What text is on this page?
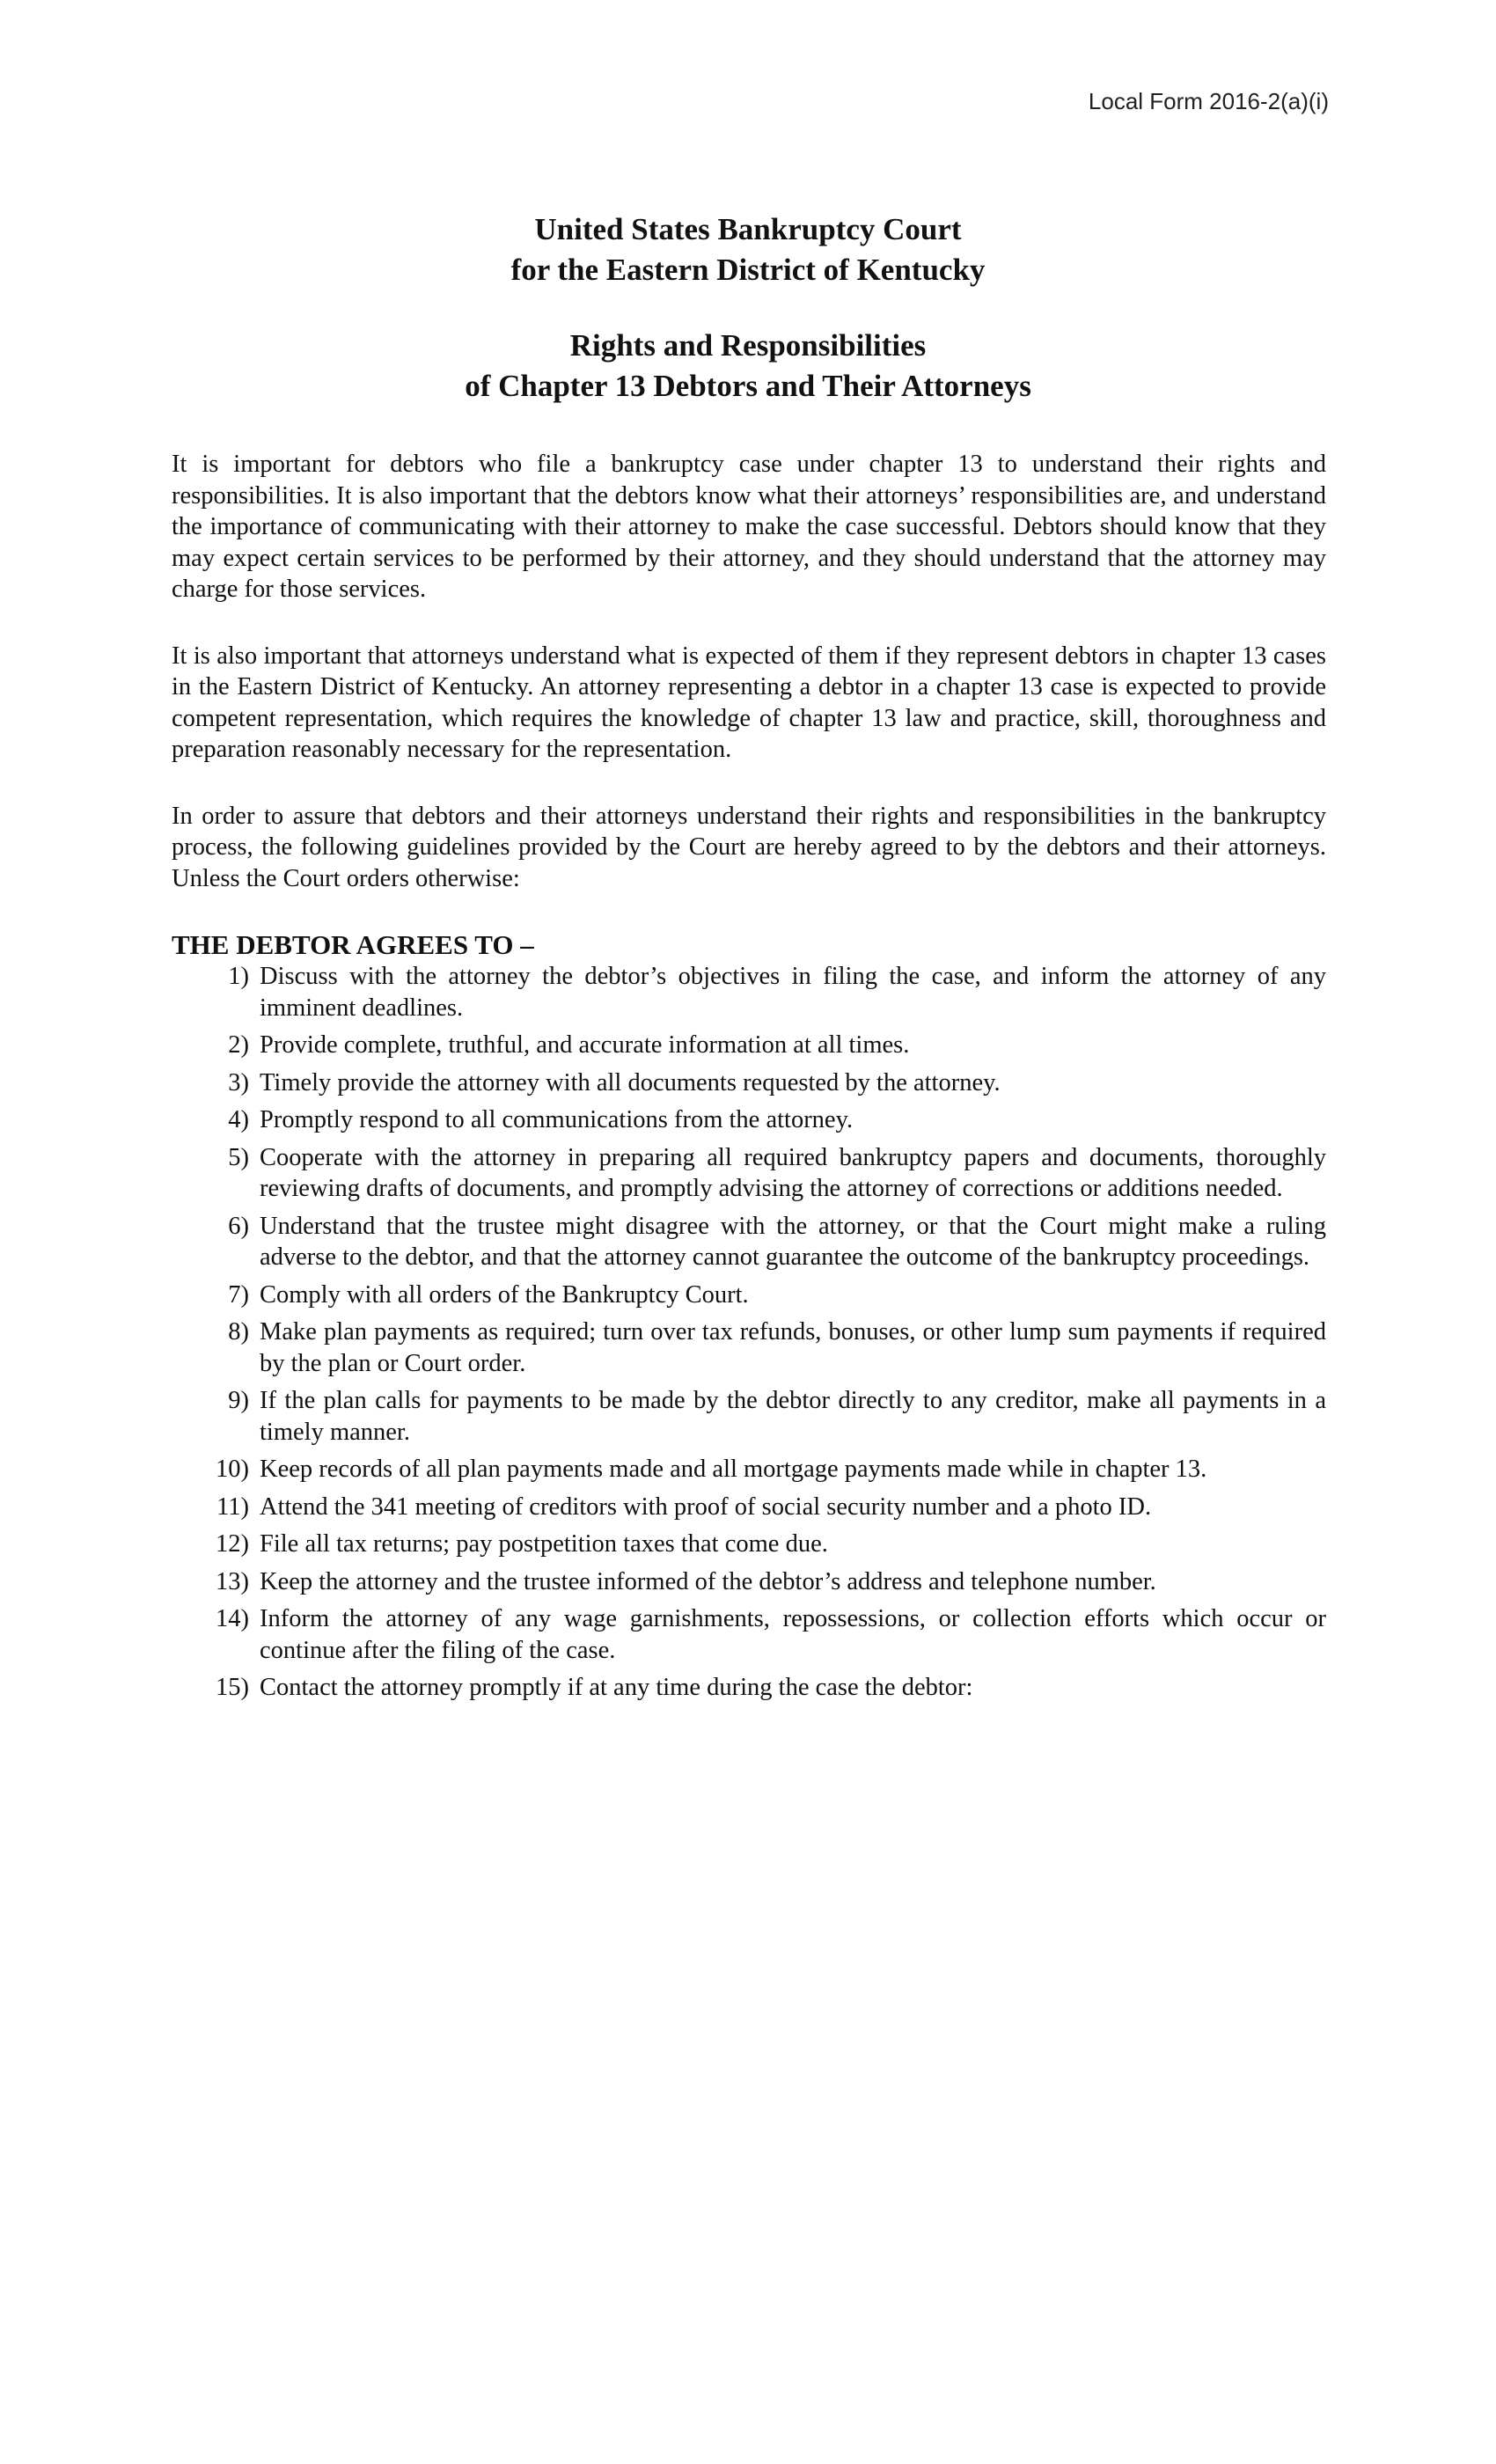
Local Form 2016-2(a)(i)
United States Bankruptcy Court
for the Eastern District of Kentucky
Rights and Responsibilities
of Chapter 13 Debtors and Their Attorneys

It is important for debtors who file a bankruptcy case under chapter 13 to understand their rights and responsibilities. It is also important that the debtors know what their attorneys’ responsibilities are, and understand the importance of communicating with their attorney to make the case successful. Debtors should know that they may expect certain services to be performed by their attorney, and they should understand that the attorney may charge for those services.

It is also important that attorneys understand what is expected of them if they represent debtors in chapter 13 cases in the Eastern District of Kentucky. An attorney representing a debtor in a chapter 13 case is expected to provide competent representation, which requires the knowledge of chapter 13 law and practice, skill, thoroughness and preparation reasonably necessary for the representation.

In order to assure that debtors and their attorneys understand their rights and responsibilities in the bankruptcy process, the following guidelines provided by the Court are hereby agreed to by the debtors and their attorneys. Unless the Court orders otherwise:

THE DEBTOR AGREES TO –
1) Discuss with the attorney the debtor’s objectives in filing the case, and inform the attorney of any imminent deadlines.
2) Provide complete, truthful, and accurate information at all times.
3) Timely provide the attorney with all documents requested by the attorney.
4) Promptly respond to all communications from the attorney.
5) Cooperate with the attorney in preparing all required bankruptcy papers and documents, thoroughly reviewing drafts of documents, and promptly advising the attorney of corrections or additions needed.
6) Understand that the trustee might disagree with the attorney, or that the Court might make a ruling adverse to the debtor, and that the attorney cannot guarantee the outcome of the bankruptcy proceedings.
7) Comply with all orders of the Bankruptcy Court.
8) Make plan payments as required; turn over tax refunds, bonuses, or other lump sum payments if required by the plan or Court order.
9) If the plan calls for payments to be made by the debtor directly to any creditor, make all payments in a timely manner.
10) Keep records of all plan payments made and all mortgage payments made while in chapter 13.
11) Attend the 341 meeting of creditors with proof of social security number and a photo ID.
12) File all tax returns; pay postpetition taxes that come due.
13) Keep the attorney and the trustee informed of the debtor’s address and telephone number.
14) Inform the attorney of any wage garnishments, repossessions, or collection efforts which occur or continue after the filing of the case.
15) Contact the attorney promptly if at any time during the case the debtor:
